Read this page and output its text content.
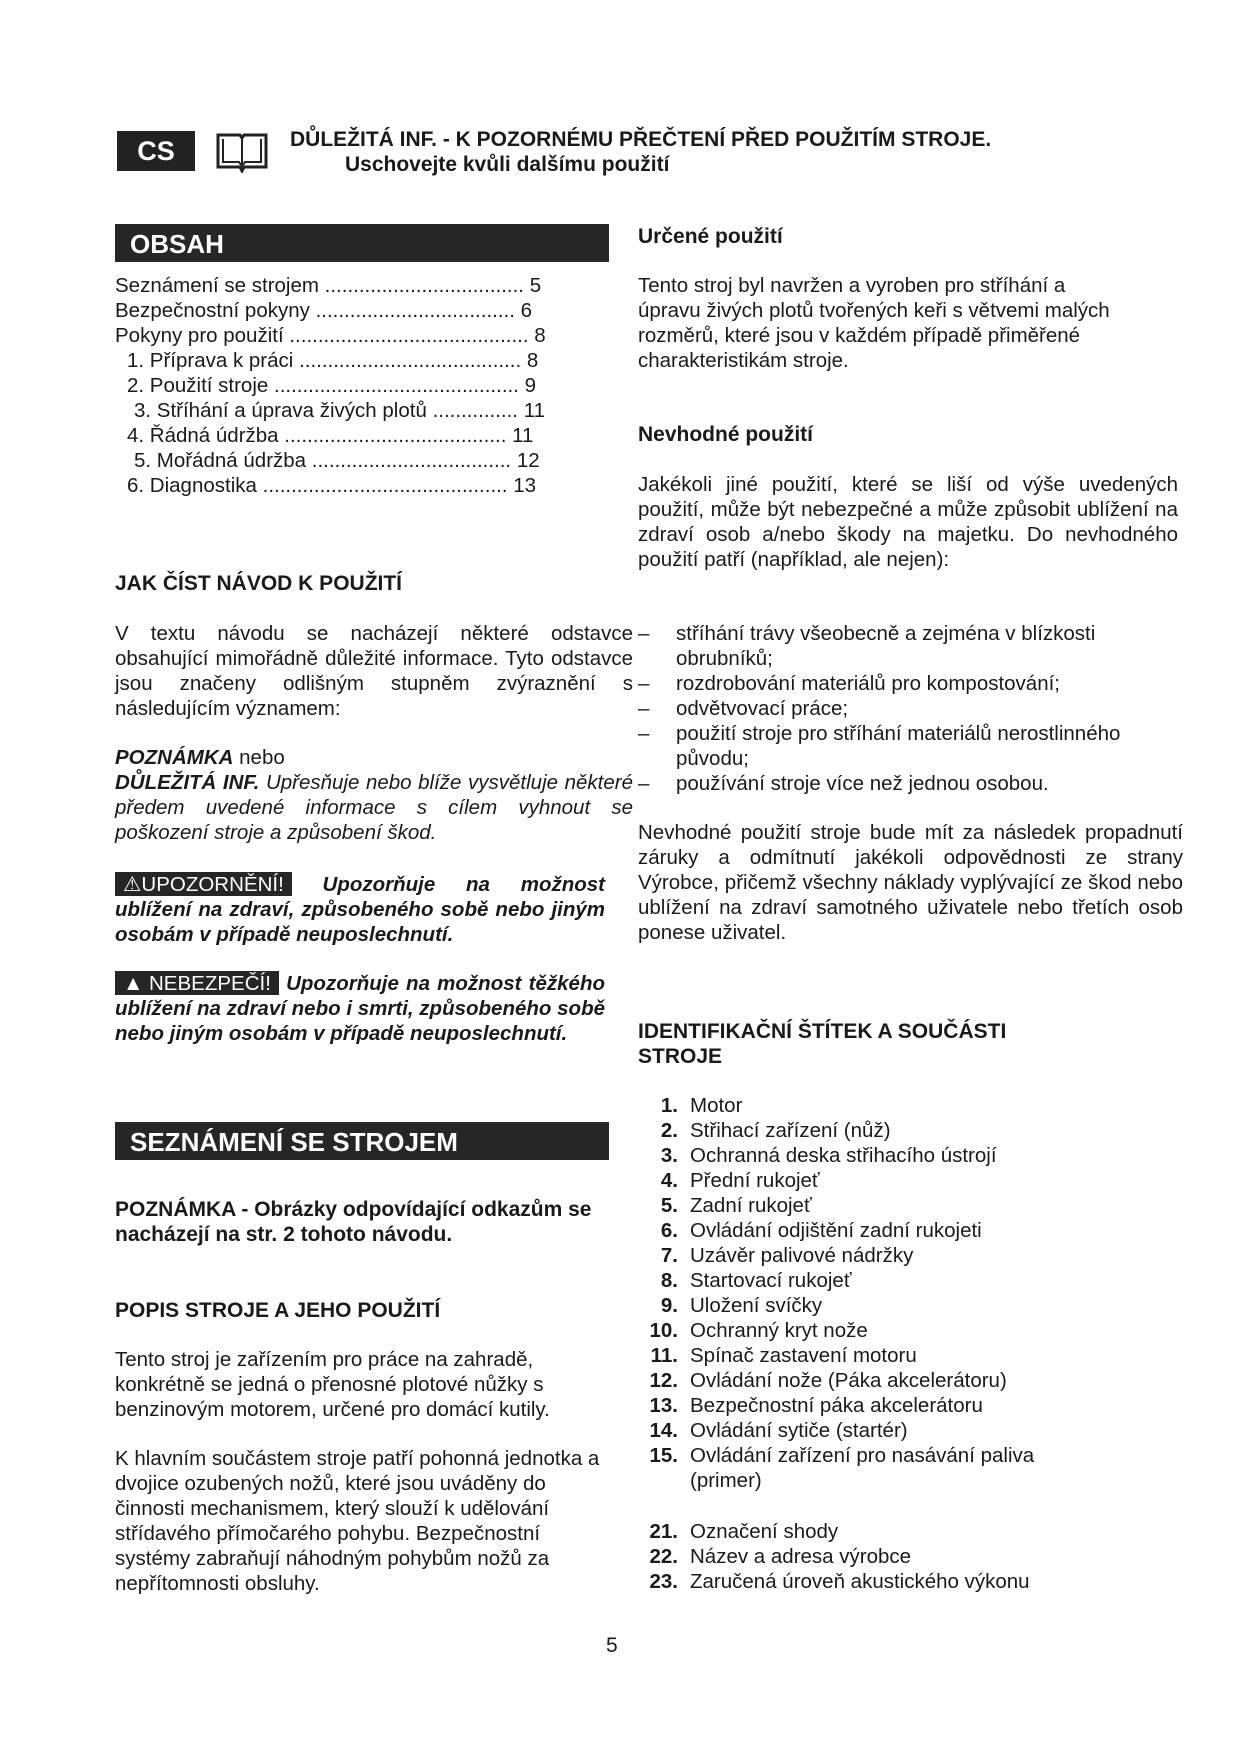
CS	DŮLEŽITÁ INF. - K POZORNÉMU PŘEČTENÍ PŘED POUŽITÍM STROJE.
Uschovejte kvůli dalšímu použití
OBSAH
Seznámení se strojem ................................... 5
Bezpečnostní pokyny ................................... 6
Pokyny pro použití .......................................... 8
1. Příprava k práci ....................................... 8
2. Použití stroje ........................................... 9
3. Stříhání a úprava živých plotů ............... 11
4. Řádná údržba ....................................... 11
5. Mořádná údržba ................................... 12
6. Diagnostika ........................................... 13
JAK ČÍST NÁVOD K POUŽITÍ

V textu návodu se nacházejí některé odstavce obsahující mimořádně důležité informace. Tyto odstavce jsou značeny odlišným stupněm zvýraznění s následujícím významem:

POZNÁMKA nebo
DŮLEŽITÁ INF. Upřesňuje nebo blíže vysvětluje některé předem uvedené informace s cílem vyhnout se poškození stroje a způsobení škod.
⚠UPOZORNĚNÍ! Upozorňuje na možnost ublížení na zdraví, způsobeného sobě nebo jiným osobám v případě neuposlechnutí.
▲ NEBEZPEČÍ! Upozorňuje na možnost těžkého ublížení na zdraví nebo i smrti, způsobeného sobě nebo jiným osobám v případě neuposlechnutí.
SEZNÁMENÍ SE STROJEM
POZNÁMKA - Obrázky odpovídající odkazům se nacházejí na str. 2 tohoto návodu.
POPIS STROJE A JEHO POUŽITÍ

Tento stroj je zařízením pro práce na zahradě, konkrétně se jedná o přenosné plotové nůžky s benzinovým motorem, určené pro domácí kutily.

K hlavním součástem stroje patří pohonná jednotka a dvojice ozubených nožů, které jsou uváděny do činnosti mechanismem, který slouží k udělování střídavého přímočarého pohybu. Bezpečnostní systémy zabraňují náhodným pohybům nožů za nepřítomnosti obsluhy.

Určené použití

Tento stroj byl navržen a vyroben pro stříhání a úpravu živých plotů tvořených keři s větvemi malých rozměrů, které jsou v každém případě přiměřené charakteristikám stroje.

Nevhodné použití

Jakékoli jiné použití, které se liší od výše uvedených použití, může být nebezpečné a může způsobit ublížení na zdraví osob a/nebo škody na majetku. Do nevhodného použití patří (například, ale nejen):

– stříhání trávy všeobecně a zejména v blízkosti obrubníků;
– rozdrobování materiálů pro kompostování;
– odvětvovací práce;
– použití stroje pro stříhání materiálů nerostlinného původu;
– používání stroje více než jednou osobou.

Nevhodné použití stroje bude mít za následek propadnutí záruky a odmítnutí jakékoli odpovědnosti ze strany Výrobce, přičemž všechny náklady vyplývající ze škod nebo ublížení na zdraví samotného uživatele nebo třetích osob ponese uživatel.

IDENTIFIKAČNÍ ŠTÍTEK A SOUČÁSTI STROJE
1. Motor
2. Střihací zařízení (nůž)
3. Ochranná deska střihacího ústrojí
4. Přední rukojeť
5. Zadní rukojeť
6. Ovládání odjištění zadní rukojeti
7. Uzávěr palivové nádržky
8. Startovací rukojeť
9. Uložení svíčky
10. Ochranný kryt nože
11. Spínač zastavení motoru
12. Ovládání nože (Páka akcelerátoru)
13. Bezpečnostní páka akcelerátoru
14. Ovládání sytiče (startér)
15. Ovládání zařízení pro nasávání paliva (primer)
21. Označení shody
22. Název a adresa výrobce
23. Zaručená úroveň akustického výkonu
5
